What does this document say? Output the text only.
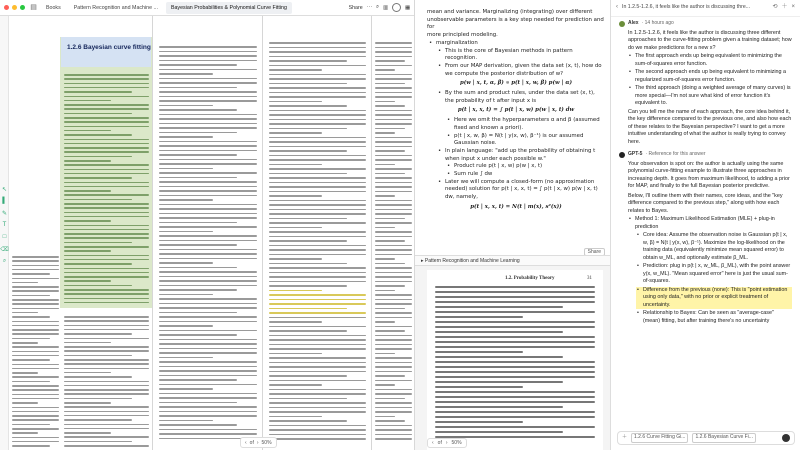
▤	Books	Pattern Recognition and Machine ...	Bayesian Probabilities & Polynomial Curve Fitting	Share ⋯ ⌕ ▥	▦
↖
▌
✎
T
□
⌫
⌕
1.2.6 Bayesian curve fitting
‹ of › 50%

mean and variance. Marginalizing (integrating) over different

unobservable parameters is a key step needed for prediction and for

more principled modeling.

• marginalization
• This is the core of Bayesian methods in pattern recognition.
• From our MAP derivation, given the data set (x, t), how do we compute the posterior distribution of w?
p(w | x, t, α, β) ∝ p(t | x, w, β) p(w | α)
• By the sum and product rules, under the data set (x, t), the probability of t after input x is
p(t | x, x, t) = ∫ p(t | x, w) p(w | x, t) dw
• Here we omit the hyperparameters α and β (assumed fixed and known a priori).
• p(t | x, w, β) = N(t | y(x, w), β⁻¹) is our assumed Gaussian noise.
• In plain language: "add up the probability of obtaining t when input x under each possible w."
• Product rule p(t | x, w) p(w | x, t)
• Sum rule ∫ dw
• Later we will compute a closed-form (no approximation needed) solution for p(t | x, x, t) = ∫ p(t | x, w) p(w | x, t) dw, namely,
p(t | x, x, t) = N(t | m(x), s²(x))
Share
▸ Pattern Recognition and Machine Learning
1.2. Probability Theory	31
‹ of › 50%
‹ In 1.2.5-1.2.6, it feels like the author is discussing thre...	⟲ ＋ ×
Alex · 14 hours ago

In 1.2.5-1.2.6, it feels like the author is discussing three different approaches to the curve-fitting problem given a training dataset; how do we make predictions for a new x?

• The first approach ends up being equivalent to minimizing the sum-of-squares error function.
• The second approach ends up being equivalent to minimizing a regularized sum-of-squares error function.
• The third approach (doing a weighted average of many curves) is more special—I'm not sure what kind of error function it's equivalent to.

Can you tell me the name of each approach, the core idea behind it, the key difference compared to the previous one, and also how each of these relates to the Bayesian perspective? I want to get a more intuitive understanding of what the author is really trying to convey here.

GPT-5 · Reference for this answer

Your observation is spot on: the author is actually using the same polynomial curve-fitting example to illustrate three approaches in increasing depth. It goes from maximum likelihood, to adding a prior for MAP, and finally to the full Bayesian posterior predictive.

Below, I'll outline them with their names, core ideas, and the "key difference compared to the previous step," along with how each relates to Bayes.

• Method 1: Maximum Likelihood Estimation (MLE) + plug-in prediction
• Core idea: Assume the observation noise is Gaussian p(t | x, w, β) = N(t | y(x, w), β⁻¹). Maximize the log-likelihood on the training data (equivalently minimize mean squared error) to obtain w_ML, and optionally estimate β_ML.
• Prediction: plug in p(t | x, w_ML, β_ML), with the point answer y(x, w_ML). "Mean squared error" here is just the usual sum-of-squares.
• Difference from the previous (none): This is "point estimation using only data," with no prior or explicit treatment of uncertainty.
• Relationship to Bayes: Can be seen as "average-case" (mean) fitting, but after training there's no uncertainty
＋	1.2.6 Curve Fitting Gi...	1.2.6 Bayesian Curve Fi...
